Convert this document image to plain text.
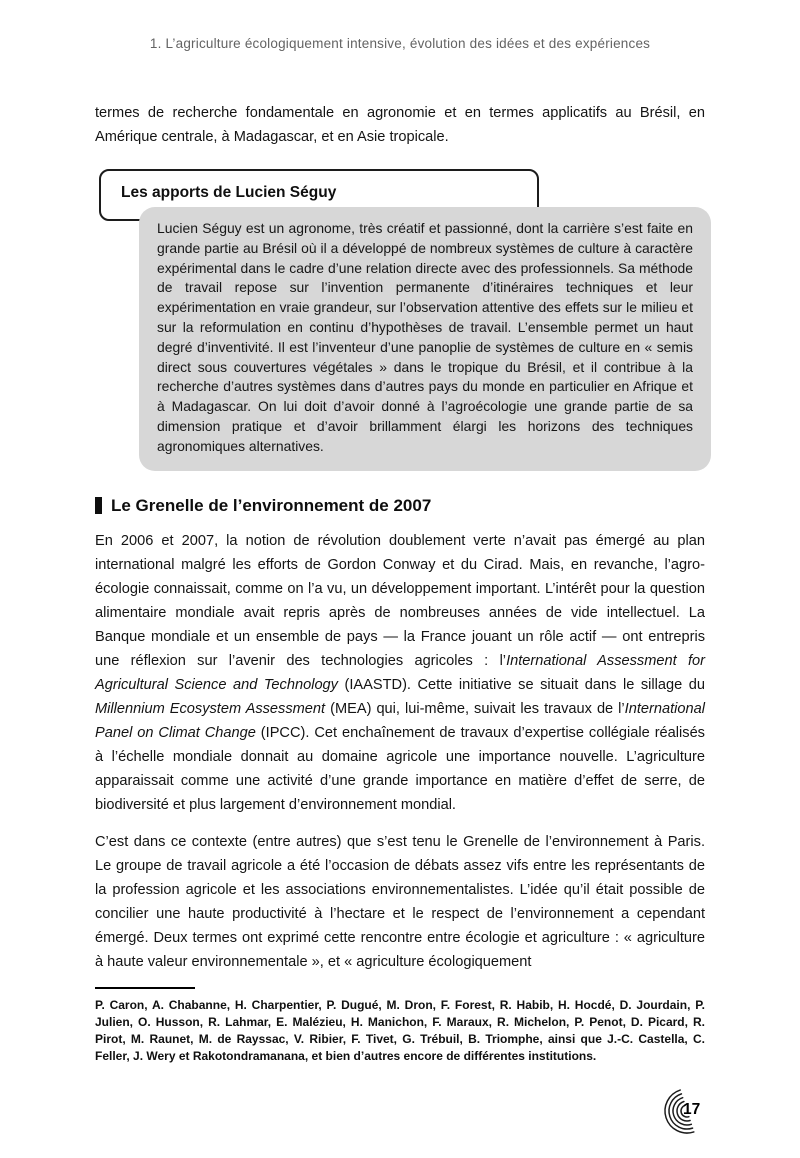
1. L’agriculture écologiquement intensive, évolution des idées et des expériences

termes de recherche fondamentale en agronomie et en termes applicatifs au Brésil, en Amérique centrale, à Madagascar, et en Asie tropicale.

Les apports de Lucien Séguy
Lucien Séguy est un agronome, très créatif et passionné, dont la carrière s’est faite en grande partie au Brésil où il a développé de nombreux systèmes de culture à caractère expérimental dans le cadre d’une relation directe avec des professionnels. Sa méthode de travail repose sur l’invention permanente d’itinéraires techniques et leur expérimentation en vraie grandeur, sur l’observation attentive des effets sur le milieu et sur la reformulation en continu d’hypothèses de travail. L’ensemble permet un haut degré d’inventivité. Il est l’inventeur d’une panoplie de systèmes de culture en « semis direct sous couvertures végétales » dans le tropique du Brésil, et il contribue à la recherche d’autres systèmes dans d’autres pays du monde en particulier en Afrique et à Madagascar. On lui doit d’avoir donné à l’agroécologie une grande partie de sa dimension pratique et d’avoir brillamment élargi les horizons des techniques agronomiques alternatives.
Le Grenelle de l’environnement de 2007

En 2006 et 2007, la notion de révolution doublement verte n’avait pas émergé au plan international malgré les efforts de Gordon Conway et du Cirad. Mais, en revanche, l’agro-écologie connaissait, comme on l’a vu, un développement important. L’intérêt pour la question alimentaire mondiale avait repris après de nombreuses années de vide intellectuel. La Banque mondiale et un ensemble de pays — la France jouant un rôle actif — ont entrepris une réflexion sur l’avenir des technologies agricoles : l’International Assessment for Agricultural Science and Technology (IAASTD). Cette initiative se situait dans le sillage du Millennium Ecosystem Assessment (MEA) qui, lui-même, suivait les travaux de l’International Panel on Climat Change (IPCC). Cet enchaînement de travaux d’expertise collégiale réalisés à l’échelle mondiale donnait au domaine agricole une importance nouvelle. L’agriculture apparaissait comme une activité d’une grande importance en matière d’effet de serre, de biodiversité et plus largement d’environnement mondial.

C’est dans ce contexte (entre autres) que s’est tenu le Grenelle de l’environnement à Paris. Le groupe de travail agricole a été l’occasion de débats assez vifs entre les représentants de la profession agricole et les associations environnementalistes. L’idée qu’il était possible de concilier une haute productivité à l’hectare et le respect de l’environnement a cependant émergé. Deux termes ont exprimé cette rencontre entre écologie et agriculture : « agriculture à haute valeur environnementale », et « agriculture écologiquement

P. Caron, A. Chabanne, H. Charpentier, P. Dugué, M. Dron, F. Forest, R. Habib, H. Hocdé, D. Jourdain, P. Julien, O. Husson, R. Lahmar, E. Malézieu, H. Manichon, F. Maraux, R. Michelon, P. Penot, D. Picard, R. Pirot, M. Raunet, M. de Rayssac, V. Ribier, F. Tivet, G. Trébuil, B. Triomphe, ainsi que J.-C. Castella, C. Feller, J. Wery et Rakotondramanana, et bien d’autres encore de différentes institutions.

17
